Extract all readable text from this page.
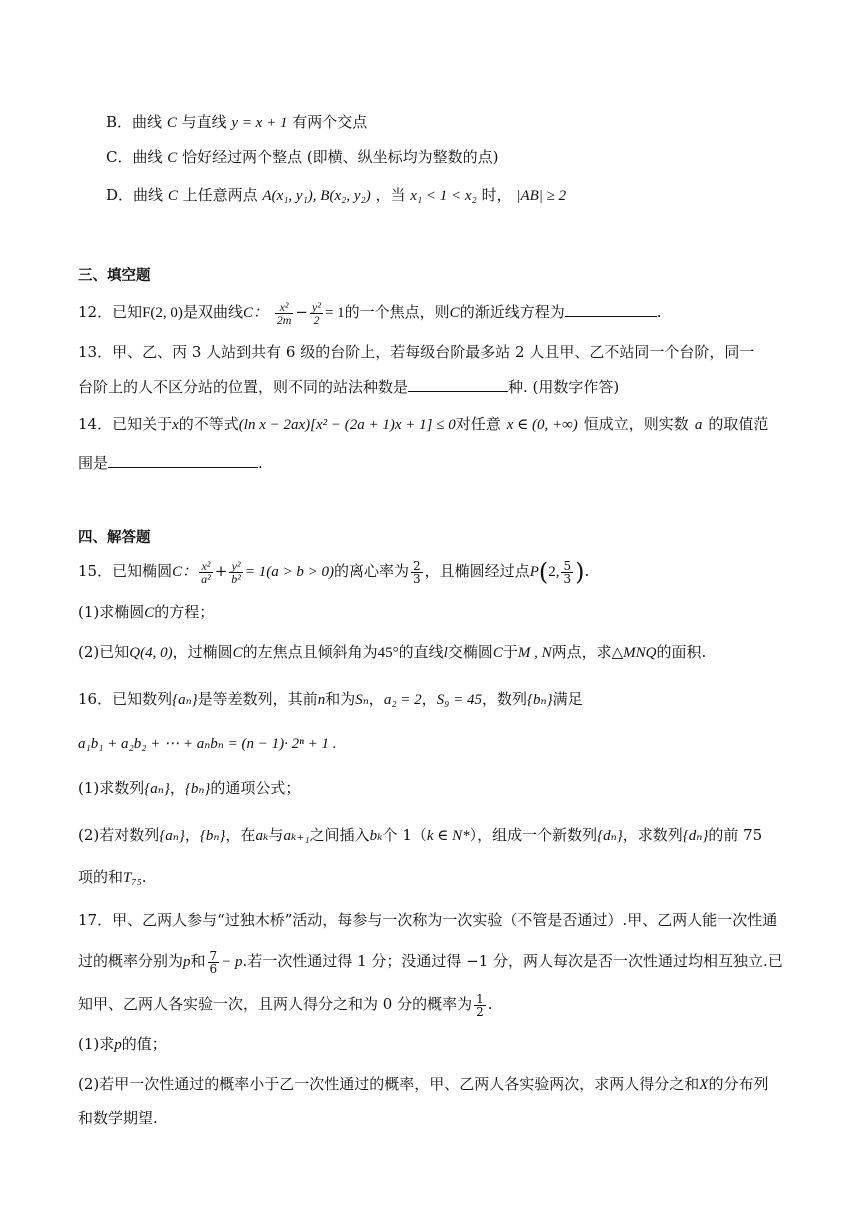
B．曲线 C 与直线 y = x + 1 有两个交点
C．曲线 C 恰好经过两个整点 (即横、纵坐标均为整数的点)
D．曲线 C 上任意两点 A(x₁, y₁), B(x₂, y₂) ，当 x₁ < 1 < x₂ 时， |AB| ≥ 2
三、填空题
12．已知F(2, 0)是双曲线C： $\frac{\text{x²}}{2m} - \frac{\text{y²}}{2} = 1$的一个焦点，则C的渐近线方程为	.
13．甲、乙、丙 3 人站到共有 6 级的台阶上，若每级台阶最多站 2 人且甲、乙不站同一个台阶，同一
台阶上的人不区分站的位置，则不同的站法种数是	种. (用数字作答)
14．已知关于x的不等式(ln x − 2ax)[x² − (2a + 1)x + 1] ≤ 0对任意 x ∈ (0, +∞) 恒成立，则实数 a 的取值范
围是	.
四、解答题
15．已知椭圆C： $\frac{\text{x²}}{\text{a²}} + \frac{\text{y²}}{\text{b²}} = 1(a > b > 0)$的离心率为 $\frac{2}{3}$ ，且椭圆经过点P(2, $\frac{5}{3}$ ).
(1)求椭圆C的方程；
(2)已知Q(4, 0)，过椭圆C的左焦点且倾斜角为45°的直线l交椭圆C于M , N两点，求△MNQ的面积.
16．已知数列{aₙ}是等差数列，其前n和为Sₙ，a₂ = 2，S₉ = 45，数列{bₙ}满足
a₁b₁ + a₂b₂ + ⋯ + aₙbₙ = (n − 1)· 2ⁿ + 1 .
(1)求数列{aₙ}，{bₙ}的通项公式；
(2)若对数列{aₙ}，{bₙ}，在aₖ与aₖ₊₁之间插入bₖ个 1（k ∈ N*），组成一个新数列{dₙ}，求数列{dₙ}的前 75
项的和T₇₅.
17．甲、乙两人参与“过独木桥”活动，每参与一次称为一次实验（不管是否通过）.甲、乙两人能一次性通
过的概率分别为p和 $\frac{7}{6} - p$.若一次性通过得 1 分；没通过得 −1 分，两人每次是否一次性通过均相互独立.已
知甲、乙两人各实验一次，且两人得分之和为 0 分的概率为 $\frac{1}{2}$ .
(1)求p的值；
(2)若甲一次性通过的概率小于乙一次性通过的概率，甲、乙两人各实验两次，求两人得分之和X的分布列
和数学期望.
